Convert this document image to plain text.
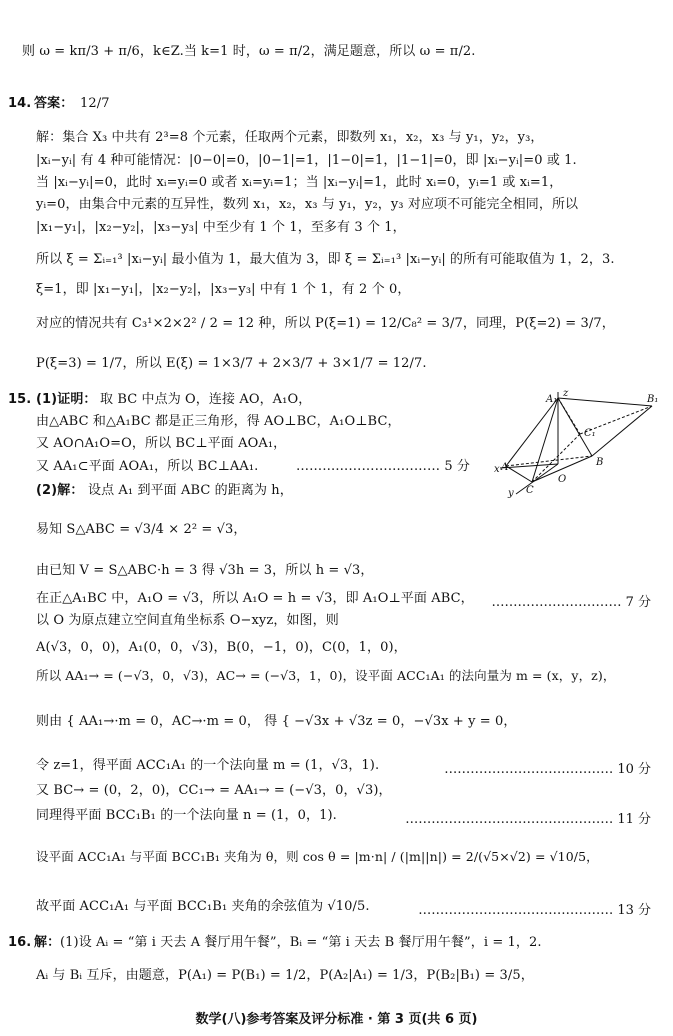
则 ω = kπ/3 + π/6，k∈Z.当 k=1 时，ω = π/2，满足题意，所以 ω = π/2.
14. 答案： 12/7
解：集合 X₃ 中共有 2³=8 个元素，任取两个元素，即数列 x₁，x₂，x₃ 与 y₁，y₂，y₃，
|xᵢ−yᵢ| 有 4 种可能情况：|0−0|=0，|0−1|=1，|1−0|=1，|1−1|=0，即 |xᵢ−yᵢ|=0 或 1.
当 |xᵢ−yᵢ|=0，此时 xᵢ=yᵢ=0 或者 xᵢ=yᵢ=1；当 |xᵢ−yᵢ|=1，此时 xᵢ=0，yᵢ=1 或 xᵢ=1，
yᵢ=0，由集合中元素的互异性，数列 x₁，x₂，x₃ 与 y₁，y₂，y₃ 对应项不可能完全相同，所以
|x₁−y₁|，|x₂−y₂|，|x₃−y₃| 中至少有 1 个 1，至多有 3 个 1，
所以 ξ = Σᵢ₌₁³ |xᵢ−yᵢ| 最小值为 1，最大值为 3，即 ξ = Σᵢ₌₁³ |xᵢ−yᵢ| 的所有可能取值为 1，2，3.
ξ=1，即 |x₁−y₁|，|x₂−y₂|，|x₃−y₃| 中有 1 个 1，有 2 个 0，
对应的情况共有 C₃¹×2×2² / 2 = 12 种，所以 P(ξ=1) = 12/C₈² = 3/7，同理，P(ξ=2) = 3/7，
P(ξ=3) = 1/7，所以 E(ξ) = 1×3/7 + 2×3/7 + 3×1/7 = 12/7.
15. (1)证明： 取 BC 中点为 O，连接 AO，A₁O，
由△ABC 和△A₁BC 都是正三角形，得 AO⊥BC，A₁O⊥BC，
又 AO∩A₁O=O，所以 BC⊥平面 AOA₁，
又 AA₁⊂平面 AOA₁，所以 BC⊥AA₁.	…………………………… 5 分
(2)解： 设点 A₁ 到平面 ABC 的距离为 h，
易知 S△ABC = √3/4 × 2² = √3，
由已知 V = S△ABC·h = 3 得 √3h = 3，所以 h = √3，
在正△A₁BC 中，A₁O = √3，所以 A₁O = h = √3，即 A₁O⊥平面 ABC， ………………………… 7 分
以 O 为原点建立空间直角坐标系 O−xyz，如图，则
A(√3，0，0)，A₁(0，0，√3)，B(0，−1，0)，C(0，1，0)，
所以 AA₁→ = (−√3，0，√3)，AC→ = (−√3，1，0)，设平面 ACC₁A₁ 的法向量为 m = (x，y，z)，
则由 { AA₁→·m = 0，AC→·m = 0， 得 { −√3x + √3z = 0，−√3x + y = 0，
令 z=1，得平面 ACC₁A₁ 的一个法向量 m = (1，√3，1).	………………………………… 10 分
又 BC→ = (0，2，0)，CC₁→ = AA₁→ = (−√3，0，√3)，
同理得平面 BCC₁B₁ 的一个法向量 n = (1，0，1).	………………………………………… 11 分
设平面 ACC₁A₁ 与平面 BCC₁B₁ 夹角为 θ，则 cos θ = |m·n| / (|m||n|) = 2/(√5×√2) = √10/5，
故平面 ACC₁A₁ 与平面 BCC₁B₁ 夹角的余弦值为 √10/5.	……………………………………… 13 分
A₁
z
B₁
C₁
x A	B
C
O
y
16. 解： (1)设 Aᵢ = “第 i 天去 A 餐厅用午餐”，Bᵢ = “第 i 天去 B 餐厅用午餐”，i = 1，2.
Aᵢ 与 Bᵢ 互斥，由题意，P(A₁) = P(B₁) = 1/2，P(A₂|A₁) = 1/3，P(B₂|B₁) = 3/5，
数学(八)参考答案及评分标准 · 第 3 页(共 6 页)
